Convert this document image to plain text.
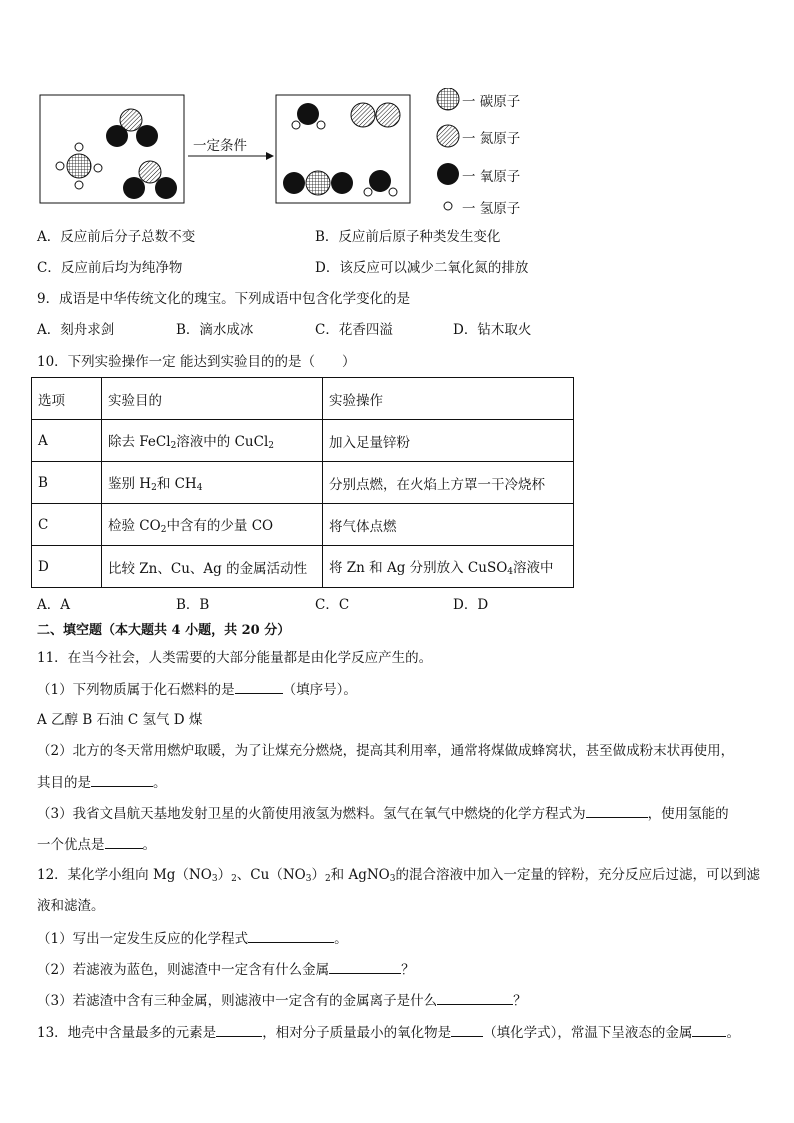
一定条件
一 碳原子
一 氮原子
一 氧原子
一 氢原子
A．反应前后分子总数不变	B．反应前后原子种类发生变化
C．反应前后均为纯净物	D．该反应可以减少二氧化氮的排放
9．成语是中华传统文化的瑰宝。下列成语中包含化学变化的是
A．刻舟求剑	B．滴水成冰	C．花香四溢	D．钻木取火
10．下列实验操作一定 能达到实验目的的是（　　）
选项	实验目的	实验操作
A	除去 FeCl$_2$溶液中的 CuCl$_2$	加入足量锌粉
B	鉴别 $H_2$和 $CH_4$	分别点燃，在火焰上方罩一干冷烧杯
C	检验 $CO_2$中含有的少量 CO	将气体点燃
D	比较 Zn、Cu、Ag 的金属活动性	将 Zn 和 Ag 分别放入 CuSO$_4$溶液中
A．A	B．B	C．C	D．D
二、填空题（本大题共 4 小题，共 20 分）
11．在当今社会，人类需要的大部分能量都是由化学反应产生的。
（1）下列物质属于化石燃料的是	（填序号）。
A 乙醇 B 石油 C 氢气 D 煤
（2）北方的冬天常用燃炉取暖，为了让煤充分燃烧，提高其利用率，通常将煤做成蜂窝状，甚至做成粉末状再使用，
其目的是	。
（3）我省文昌航天基地发射卫星的火箭使用液氢为燃料。氢气在氧气中燃烧的化学方程式为	，使用氢能的
一个优点是	。
12．某化学小组向 $Mg(NO_3)_2$、$Cu(NO_3)_2$和 AgNO$_3$的混合溶液中加入一定量的锌粉，充分反应后过滤，可以到滤
液和滤渣。
（1）写出一定发生反应的化学程式	。
（2）若滤液为蓝色，则滤渣中一定含有什么金属	？
（3）若滤渣中含有三种金属，则滤液中一定含有的金属离子是什么	？
13．地壳中含量最多的元素是	，相对分子质量最小的氧化物是 （填化学式），常温下呈液态的金属	。
